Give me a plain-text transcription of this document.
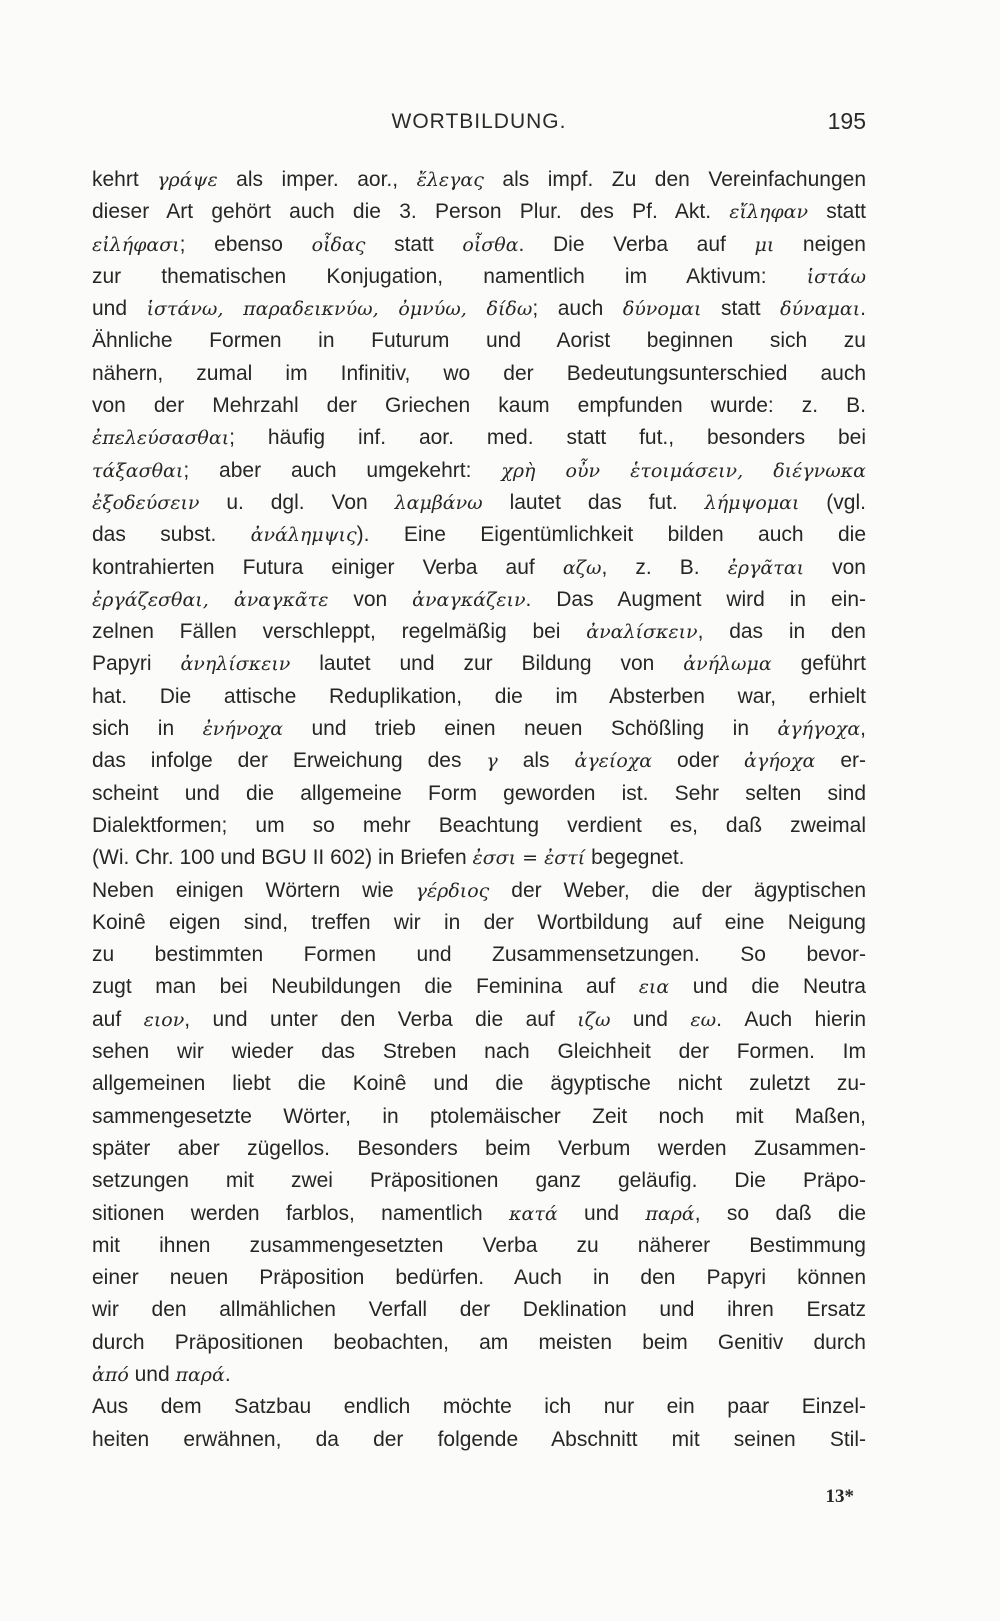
WORTBILDUNG.	195
kehrt γράψε als imper. aor., ἔλεγας als impf. Zu den Vereinfachungen
dieser Art gehört auch die 3. Person Plur. des Pf. Akt. εἴληφαν statt
εἰλήφασι; ebenso οἶδας statt οἶσθα. Die Verba auf μι neigen
zur thematischen Konjugation, namentlich im Aktivum: ἱστάω
und ἱστάνω, παραδεικνύω, ὀμνύω, δίδω; auch δύνομαι statt δύναμαι.
Ähnliche Formen in Futurum und Aorist beginnen sich zu
nähern, zumal im Infinitiv, wo der Bedeutungsunterschied auch
von der Mehrzahl der Griechen kaum empfunden wurde: z. B.
ἐπελεύσασθαι; häufig inf. aor. med. statt fut., besonders bei
τάξασθαι; aber auch umgekehrt: χρὴ οὖν ἑτοιμάσειν, διέγνωκα
ἐξοδεύσειν u. dgl. Von λαμβάνω lautet das fut. λήμψομαι (vgl.
das subst. ἀνάλημψις). Eine Eigentümlichkeit bilden auch die
kontrahierten Futura einiger Verba auf αζω, z. B. ἐργᾶται von
ἐργάζεσθαι, ἀναγκᾶτε von ἀναγκάζειν. Das Augment wird in ein-
zelnen Fällen verschleppt, regelmäßig bei ἀναλίσκειν, das in den
Papyri ἀνηλίσκειν lautet und zur Bildung von ἀνήλωμα geführt
hat. Die attische Reduplikation, die im Absterben war, erhielt
sich in ἐνήνοχα und trieb einen neuen Schößling in ἀγήγοχα,
das infolge der Erweichung des γ als ἀγείοχα oder ἀγήοχα er-
scheint und die allgemeine Form geworden ist. Sehr selten sind
Dialektformen; um so mehr Beachtung verdient es, daß zweimal
(Wi. Chr. 100 und BGU II 602) in Briefen ἐσσι = ἐστί begegnet.
Neben einigen Wörtern wie γέρδιος der Weber, die der ägyptischen
Koinê eigen sind, treffen wir in der Wortbildung auf eine Neigung
zu bestimmten Formen und Zusammensetzungen. So bevor-
zugt man bei Neubildungen die Feminina auf εια und die Neutra
auf ειον, und unter den Verba die auf ιζω und εω. Auch hierin
sehen wir wieder das Streben nach Gleichheit der Formen. Im
allgemeinen liebt die Koinê und die ägyptische nicht zuletzt zu-
sammengesetzte Wörter, in ptolemäischer Zeit noch mit Maßen,
später aber zügellos. Besonders beim Verbum werden Zusammen-
setzungen mit zwei Präpositionen ganz geläufig. Die Präpo-
sitionen werden farblos, namentlich κατά und παρά, so daß die
mit ihnen zusammengesetzten Verba zu näherer Bestimmung
einer neuen Präposition bedürfen. Auch in den Papyri können
wir den allmählichen Verfall der Deklination und ihren Ersatz
durch Präpositionen beobachten, am meisten beim Genitiv durch
ἀπό und παρά.
Aus dem Satzbau endlich möchte ich nur ein paar Einzel-
heiten erwähnen, da der folgende Abschnitt mit seinen Stil-
13*
